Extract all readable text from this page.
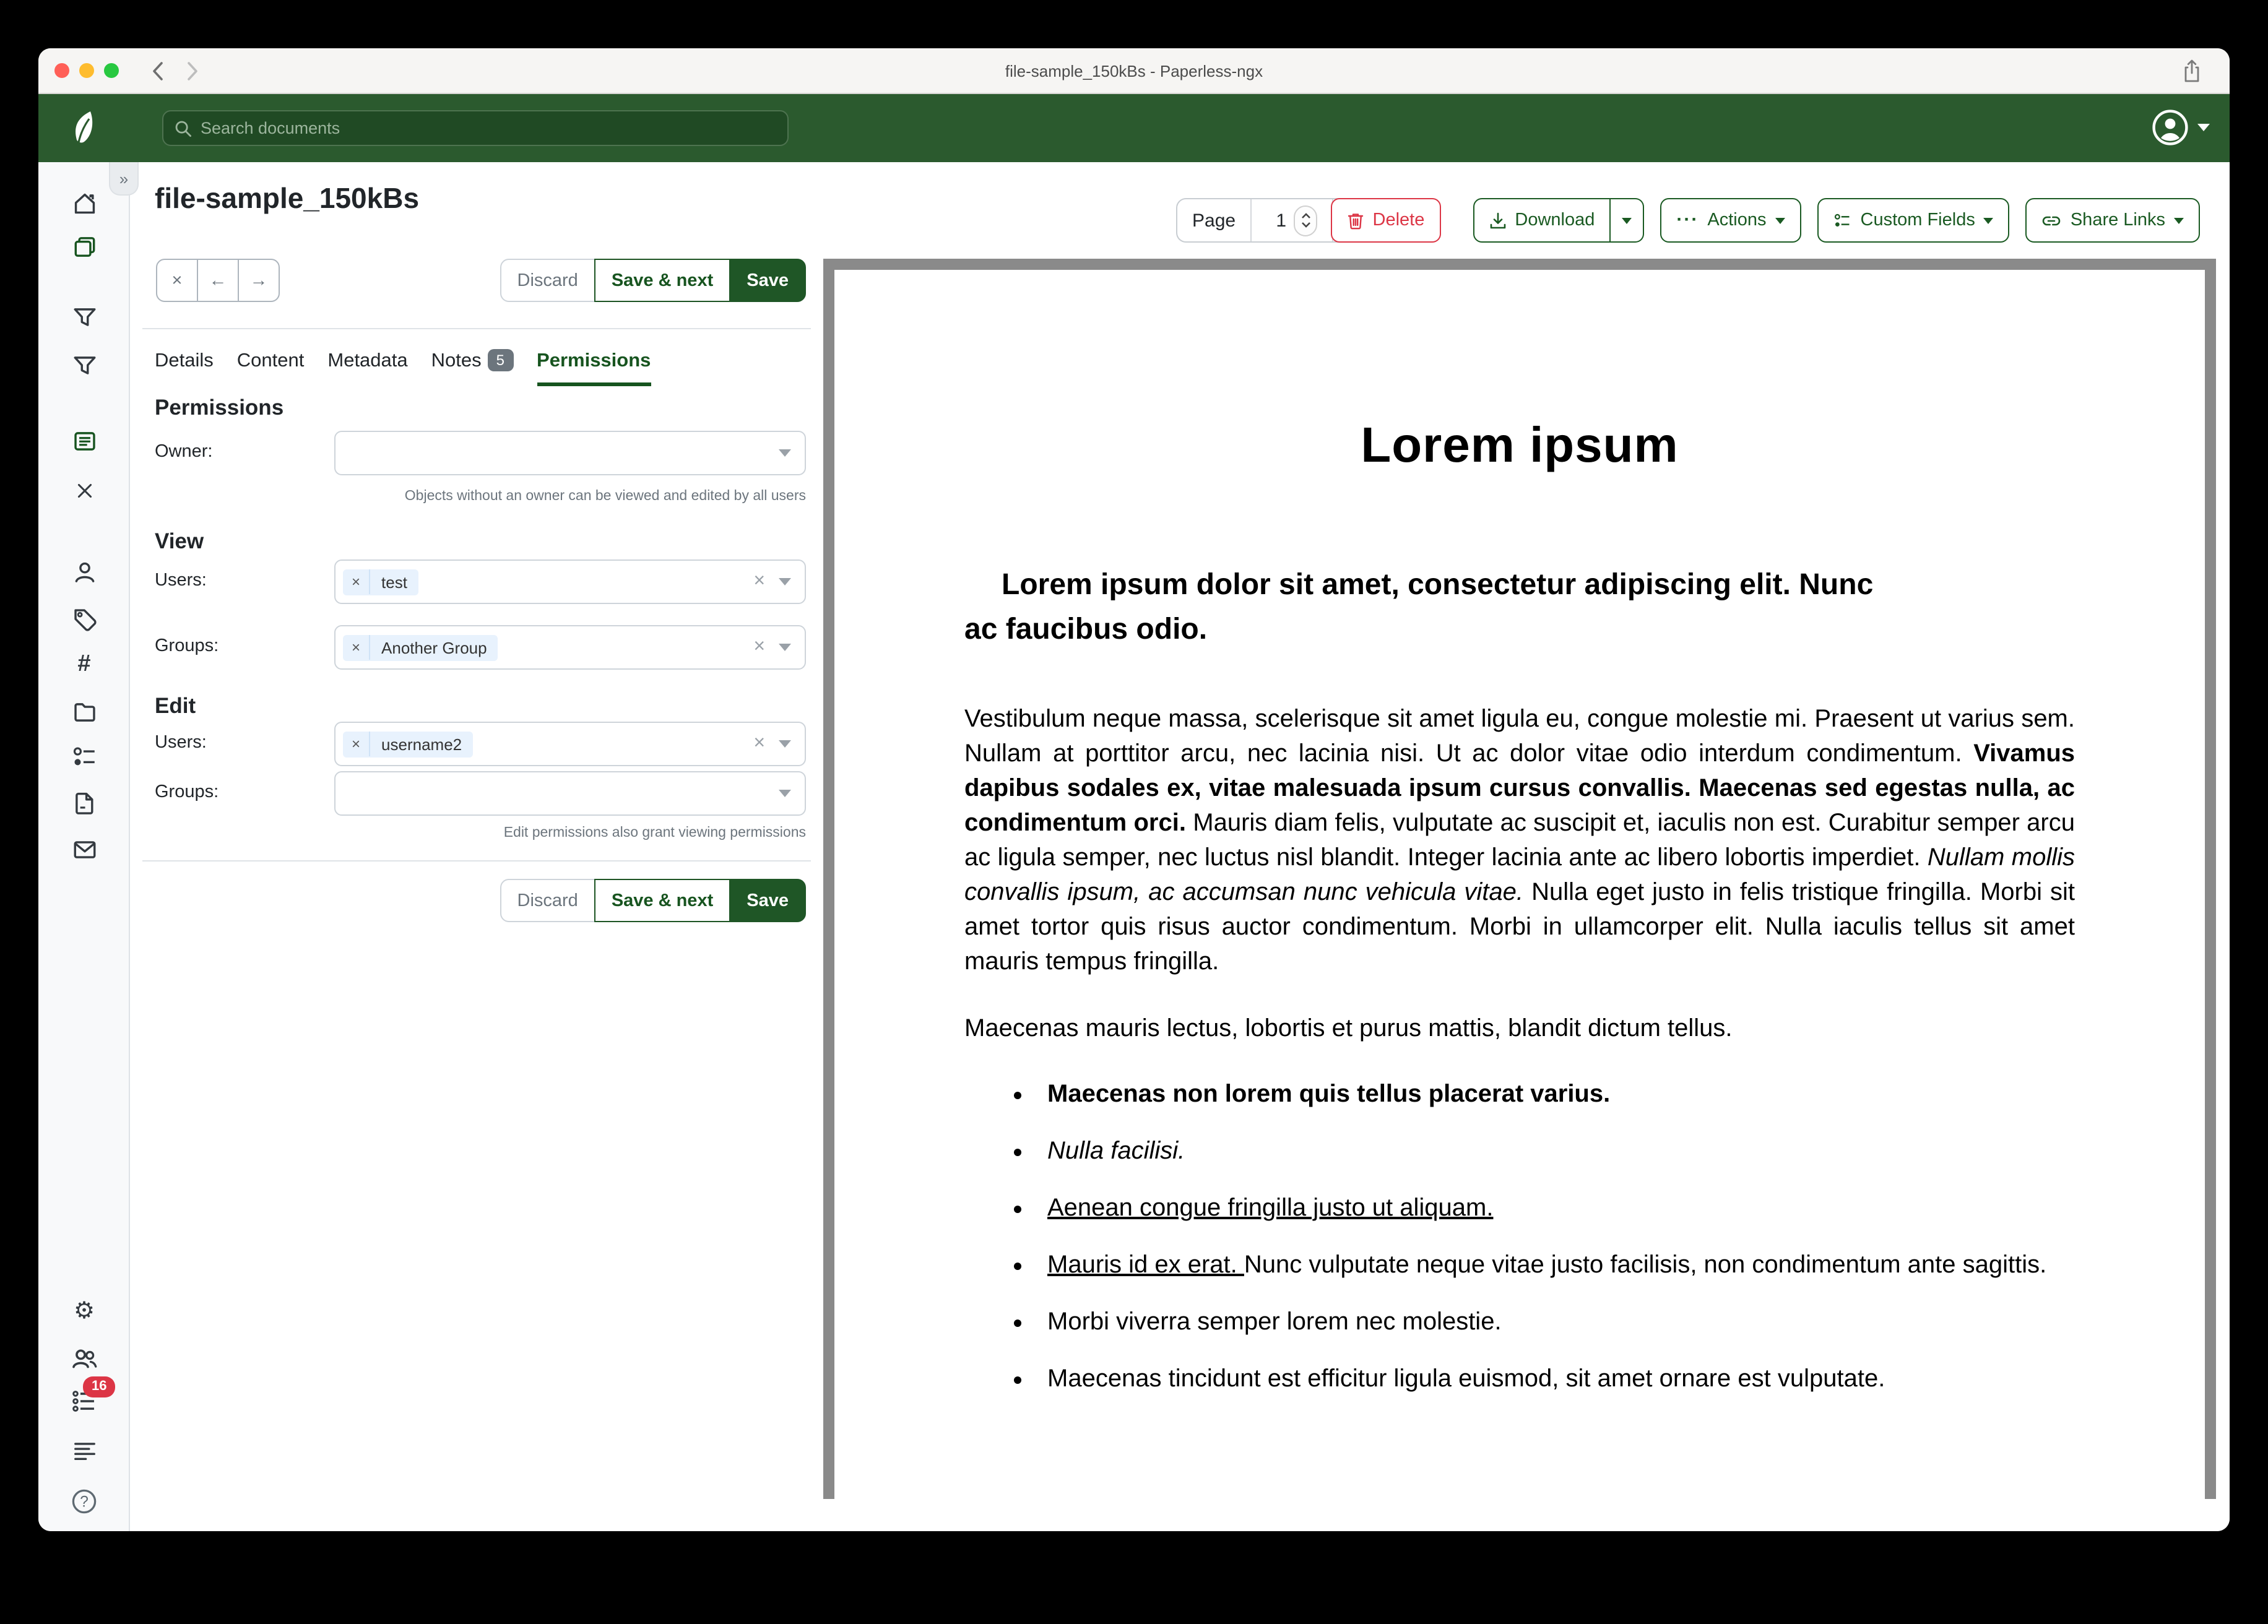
file-sample_150kBs - Paperless-ngx
Search documents
#
⚙
16
?
»
file-sample_150kBs
×	←	→	Discard	Save & next	Save
Details Content Metadata Notes 5	Permissions
Permissions
Owner:
Objects without an owner can be viewed and edited by all users
View
Users:	×	test	×
Groups:	×	Another Group	×
Edit
Users:	×	username2	×
Groups:
Edit permissions also grant viewing permissions
Discard	Save & next	Save
Page
1	Delete	Download	··· Actions	Custom Fields	Share Links
Lorem ipsum
Lorem ipsum dolor sit amet, consectetur adipiscing elit. Nunc ac faucibus odio.

Vestibulum neque massa, scelerisque sit amet ligula eu, congue molestie mi. Praesent ut varius sem. Nullam at porttitor arcu, nec lacinia nisi. Ut ac dolor vitae odio interdum condimentum. Vivamus dapibus sodales ex, vitae malesuada ipsum cursus convallis. Maecenas sed egestas nulla, ac condimentum orci. Mauris diam felis, vulputate ac suscipit et, iaculis non est. Curabitur semper arcu ac ligula semper, nec luctus nisl blandit. Integer lacinia ante ac libero lobortis imperdiet. Nullam mollis convallis ipsum, ac accumsan nunc vehicula vitae. Nulla eget justo in felis tristique fringilla. Morbi sit amet tortor quis risus auctor condimentum. Morbi in ullamcorper elit. Nulla iaculis tellus sit amet mauris tempus fringilla.

Maecenas mauris lectus, lobortis et purus mattis, blandit dictum tellus.

• Maecenas non lorem quis tellus placerat varius.
• Nulla facilisi.
• Aenean congue fringilla justo ut aliquam.
• Mauris id ex erat. Nunc vulputate neque vitae justo facilisis, non condimentum ante sagittis.
• Morbi viverra semper lorem nec molestie.
• Maecenas tincidunt est efficitur ligula euismod, sit amet ornare est vulputate.
